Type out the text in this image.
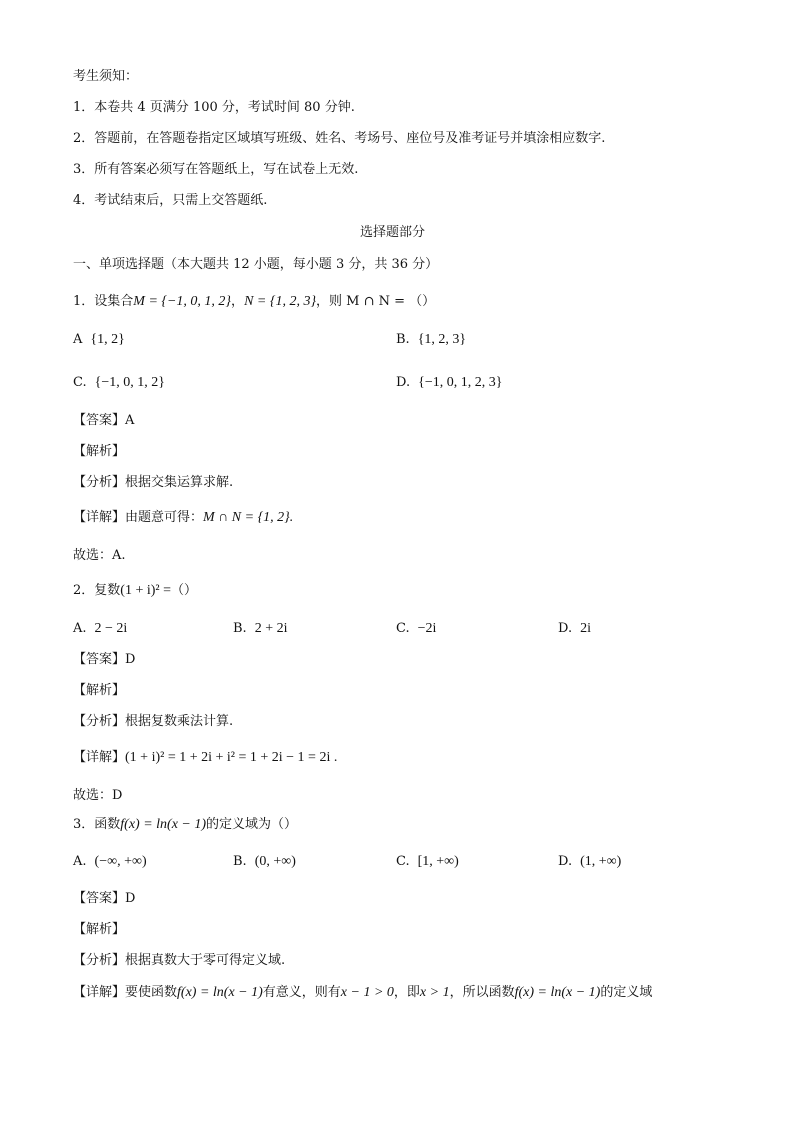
考生须知：
1．本卷共 4 页满分 100 分，考试时间 80 分钟.
2．答题前，在答题卷指定区域填写班级、姓名、考场号、座位号及准考证号并填涂相应数字.
3．所有答案必须写在答题纸上，写在试卷上无效.
4．考试结束后，只需上交答题纸.
选择题部分
一、单项选择题（本大题共 12 小题，每小题 3 分，共 36 分）
1．设集合M = {−1, 0, 1, 2}，N = {1, 2, 3}，则 M ∩ N = （）
A {1, 2}	B. {1, 2, 3}
C. {−1, 0, 1, 2}	D. {−1, 0, 1, 2, 3}
【答案】A
【解析】
【分析】根据交集运算求解.
【详解】由题意可得：M ∩ N = {1, 2}.
故选：A.
2．复数(1 + i)² =（）
A. 2 − 2i	B. 2 + 2i	C. −2i	D. 2i
【答案】D
【解析】
【分析】根据复数乘法计算.
【详解】(1 + i)² = 1 + 2i + i² = 1 + 2i − 1 = 2i .
故选：D
3．函数f(x) = ln(x − 1)的定义域为（）
A. (−∞, +∞)	B. (0, +∞)	C. [1, +∞)	D. (1, +∞)
【答案】D
【解析】
【分析】根据真数大于零可得定义域.
【详解】要使函数f(x) = ln(x − 1)有意义，则有x − 1 > 0，即x > 1，所以函数f(x) = ln(x − 1)的定义域
